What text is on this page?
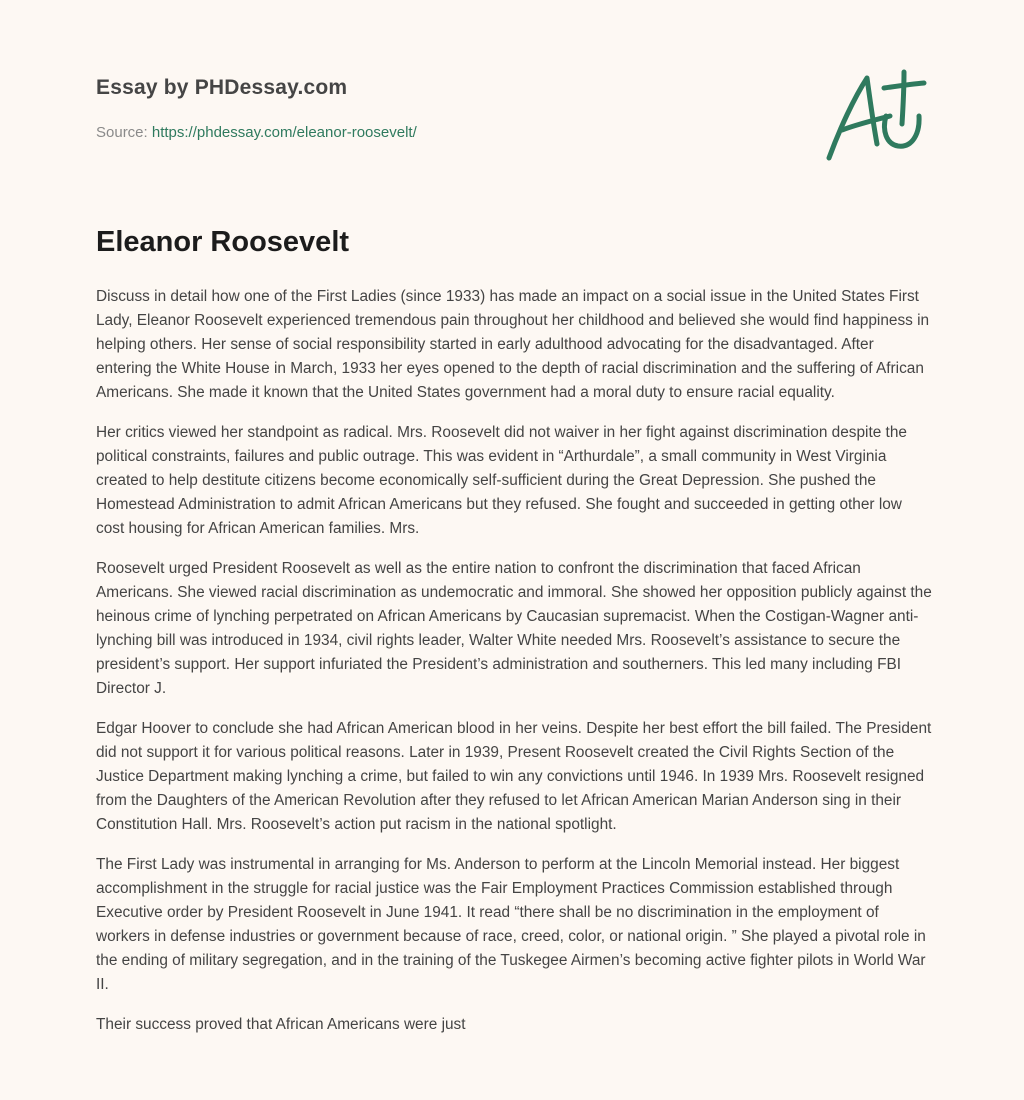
Essay by PHDessay.com
Source: https://phdessay.com/eleanor-roosevelt/
Eleanor Roosevelt

Discuss in detail how one of the First Ladies (since 1933) has made an impact on a social issue in the United States First Lady, Eleanor Roosevelt experienced tremendous pain throughout her childhood and believed she would find happiness in helping others. Her sense of social responsibility started in early adulthood advocating for the disadvantaged. After entering the White House in March, 1933 her eyes opened to the depth of racial discrimination and the suffering of African Americans. She made it known that the United States government had a moral duty to ensure racial equality.

Her critics viewed her standpoint as radical. Mrs. Roosevelt did not waiver in her fight against discrimination despite the political constraints, failures and public outrage. This was evident in “Arthurdale”, a small community in West Virginia created to help destitute citizens become economically self-sufficient during the Great Depression. She pushed the Homestead Administration to admit African Americans but they refused. She fought and succeeded in getting other low cost housing for African American families. Mrs.

Roosevelt urged President Roosevelt as well as the entire nation to confront the discrimination that faced African Americans. She viewed racial discrimination as undemocratic and immoral. She showed her opposition publicly against the heinous crime of lynching perpetrated on African Americans by Caucasian supremacist. When the Costigan-Wagner anti-lynching bill was introduced in 1934, civil rights leader, Walter White needed Mrs. Roosevelt’s assistance to secure the president’s support. Her support infuriated the President’s administration and southerners. This led many including FBI Director J.

Edgar Hoover to conclude she had African American blood in her veins. Despite her best effort the bill failed. The President did not support it for various political reasons. Later in 1939, Present Roosevelt created the Civil Rights Section of the Justice Department making lynching a crime, but failed to win any convictions until 1946. In 1939 Mrs. Roosevelt resigned from the Daughters of the American Revolution after they refused to let African American Marian Anderson sing in their Constitution Hall. Mrs. Roosevelt’s action put racism in the national spotlight.

The First Lady was instrumental in arranging for Ms. Anderson to perform at the Lincoln Memorial instead. Her biggest accomplishment in the struggle for racial justice was the Fair Employment Practices Commission established through Executive order by President Roosevelt in June 1941. It read “there shall be no discrimination in the employment of workers in defense industries or government because of race, creed, color, or national origin. ” She played a pivotal role in the ending of military segregation, and in the training of the Tuskegee Airmen’s becoming active fighter pilots in World War II.

Their success proved that African Americans were just
